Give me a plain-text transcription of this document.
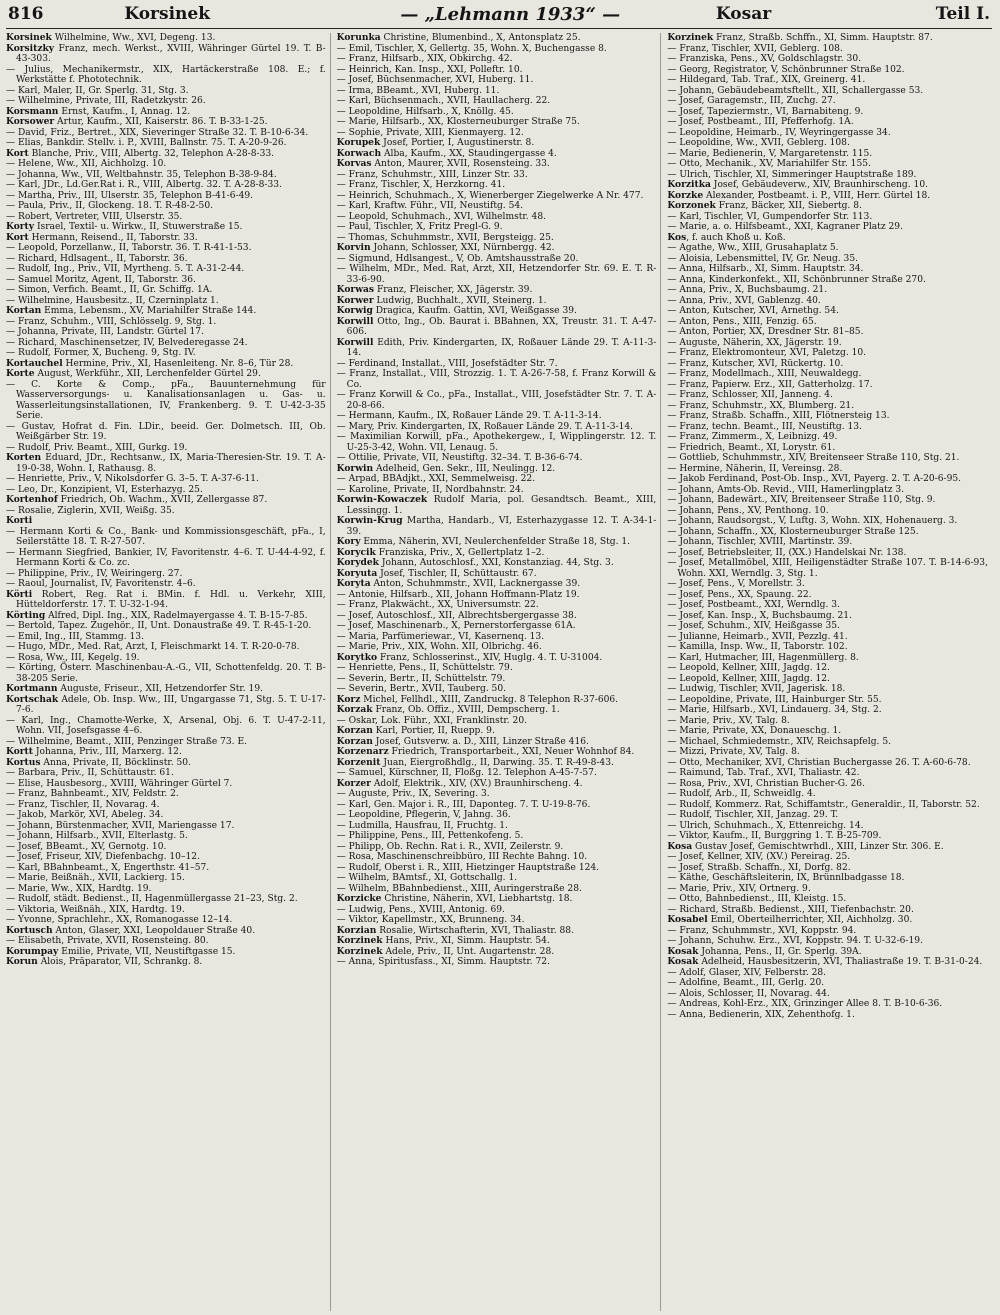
816	Korsinek	— „Lehmann 1933“ —	Kosar	Teil I.
Korsinek Wilhelmine, Ww., XVI, Degeng. 13.
Korsitzky Franz, mech. Werkst., XVIII, Währinger Gürtel 19. T. B-43-303.
— Julius, Mechanikermstr., XIX, Hartäckerstraße 108. E.; f. Werkstätte f. Phototechnik.
— Karl, Maler, II, Gr. Sperlg. 31, Stg. 3.
— Wilhelmine, Private, III, Radetzkystr. 26.
Korsmann Ernst, Kaufm., I, Annag. 12.
Korsower Artur, Kaufm., XII, Kaiserstr. 86. T. B-33-1-25.
— David, Friz., Bertret., XIX, Sieveringer Straße 32. T. B-10-6-34.
— Elias, Bankdir. Stellv. i. P., XVIII, Ballnstr. 75. T. A-20-9-26.
Kort Blanche, Priv., VIII, Albertg. 32, Telephon A-28-8-33.
— Helene, Ww., XII, Aichholzg. 10.
— Johanna, Ww., VII, Weltbahnstr. 35, Telephon B-38-9-84.
— Karl, JDr., Ld.Ger.Rat i. R., VIII, Albertg. 32. T. A-28-8-33.
— Martha, Priv., III, Ulserstr. 35, Telephon B-41-6-49.
— Paula, Priv., II, Glockeng. 18. T. R-48-2-50.
— Robert, Vertreter, VIII, Ulserstr. 35.
Korty Israel, Textil- u. Wirkw., II, Stuwerstraße 15.
Kort Hermann, Reisend., II, Taborstr. 33.
— Leopold, Porzellanw., II, Taborstr. 36. T. R-41-1-53.
— Richard, Hdlsagent., II, Taborstr. 36.
— Rudolf, Ing., Priv., VII, Myrtheng. 5. T. A-31-2-44.
— Samuel Moritz, Agent, II, Taborstr. 36.
— Simon, Verfich. Beamt., II, Gr. Schiffg. 1A.
— Wilhelmine, Hausbesitz., II, Czerninplatz 1.
Kortan Emma, Lebensm., XV, Mariahilfer Straße 144.
— Franz, Schuhm., VIII, Schlösselg. 9, Stg. 1.
— Johanna, Private, III, Landstr. Gürtel 17.
— Richard, Maschinensetzer, IV, Belvederegasse 24.
— Rudolf, Former, X, Bucheng. 9, Stg. IV.
Kortauchel Hermine, Priv., XI, Hasenleiteng. Nr. 8–6, Tür 28.
Korte August, Werkführ., XII, Lerchenfelder Gürtel 29.
— C. Korte & Comp., pFa., Bauunternehmung für Wasserversorgungs- u. Kanalisationsanlagen u. Gas- u. Wasserleitungsinstallationen, IV, Frankenberg. 9. T. U-42-3-35 Serie.
— Gustav, Hofrat d. Fin. LDir., beeid. Ger. Dolmetsch. III, Ob. Weißgärber Str. 19.
— Rudolf, Priv. Beamt., XIII, Gurkg. 19.
Korten Eduard, JDr., Rechtsanw., IX, Maria-Theresien-Str. 19. T. A-19-0-38, Wohn. I, Rathausg. 8.
— Henriette, Priv., V, Nikolsdorfer G. 3–5. T. A-37-6-11.
— Leo, Dr., Konzipient, VI, Esterhazyg. 25.
Kortenhof Friedrich, Ob. Wachm., XVII, Zellergasse 87.
— Rosalie, Ziglerin, XVII, Weißg. 35.
Korti
— Hermann Korti & Co., Bank- und Kommissionsgeschäft, pFa., I, Seilerstätte 18. T. R-27-507.
— Hermann Siegfried, Bankier, IV, Favoritenstr. 4–6. T. U-44-4-92, f. Hermann Korti & Co. zc.
— Philippine, Priv., IV, Weiringerg. 27.
— Raoul, Journalist, IV, Favoritenstr. 4–6.
Körti Robert, Reg. Rat i. BMin. f. Hdl. u. Verkehr, XIII, Hütteldorferstr. 17. T. U-32-1-94.
Körting Alfred, Dipl. Ing., XIX, Radelmayergasse 4. T. B-15-7-85.
— Bertold, Tapez. Zugehör., II, Unt. Donaustraße 49. T. R-45-1-20.
— Emil, Ing., III, Stammg. 13.
— Hugo, MDr., Med. Rat, Arzt, I, Fleischmarkt 14. T. R-20-0-78.
— Rosa, Ww., III, Kegelg. 19.
— Körting, Österr. Maschinenbau-A.-G., VII, Schottenfeldg. 20. T. B-38-205 Serie.
Kortmann Auguste, Friseur., XII, Hetzendorfer Str. 19.
Kortschak Adele, Ob. Insp. Ww., III, Ungargasse 71, Stg. 5. T. U-17-7-6.
— Karl, Ing., Chamotte-Werke, X, Arsenal, Obj. 6. T. U-47-2-11, Wohn. VII, Josefsgasse 4–6.
— Wilhelmine, Beamt., XIII, Penzinger Straße 73. E.
Kortt Johanna, Priv., III, Marxerg. 12.
Kortus Anna, Private, II, Böcklinstr. 50.
— Barbara, Priv., II, Schüttaustr. 61.
— Elise, Hausbesorg., XVIII, Währinger Gürtel 7.
— Franz, Bahnbeamt., XIV, Feldstr. 2.
— Franz, Tischler, II, Novarag. 4.
— Jakob, Markör, XVI, Abeleg. 34.
— Johann, Bürstenmacher, XVII, Mariengasse 17.
— Johann, Hilfsarb., XVII, Elterlastg. 5.
— Josef, BBeamt., XV, Gernotg. 10.
— Josef, Friseur, XIV, Diefenbachg. 10–12.
— Karl, BBahnbeamt., X, Engerthstr. 41–57.
— Marie, Beißnäh., XVII, Lackierg. 15.
— Marie, Ww., XIX, Hardtg. 19.
— Rudolf, städt. Bedienst., II, Hagenmüllergasse 21–23, Stg. 2.
— Viktoria, Weißnäh., XIX, Hardtg. 19.
— Yvonne, Sprachlehr., XX, Romanogasse 12–14.
Kortusch Anton, Glaser, XXI, Leopoldauer Straße 40.
— Elisabeth, Private, XVII, Rosensteing. 80.
Korumpay Emilie, Private, VII, Neustiftgasse 15.
Korun Alois, Präparator, VII, Schrankg. 8.
Korunka Christine, Blumenbind., X, Antonsplatz 25.
— Emil, Tischler, X, Gellertg. 35, Wohn. X, Buchengasse 8.
— Franz, Hilfsarb., XIX, Obkirchg. 42.
— Heinrich, Kan. Insp., XXI, Polleftr. 10.
— Josef, Büchsenmacher, XVI, Huberg. 11.
— Irma, BBeamt., XVI, Huberg. 11.
— Karl, Büchsenmach., XVII, Haullacherg. 22.
— Leopoldine, Hilfsarb., X, Knöllg. 45.
— Marie, Hilfsarb., XX, Klosterneuburger Straße 75.
— Sophie, Private, XIII, Kienmayerg. 12.
Korupek Josef, Portier, I, Augustinerstr. 8.
Korwach Alba, Kaufm., XX, Staudingergasse 4.
Korvas Anton, Maurer, XVII, Rosensteing. 33.
— Franz, Schuhmstr., XIII, Linzer Str. 33.
— Franz, Tischler, X, Herzkorng. 41.
— Heinrich, Schuhmach., X, Wienerberger Ziegelwerke A Nr. 477.
— Karl, Kraftw. Führ., VII, Neustiftg. 54.
— Leopold, Schuhmach., XVI, Wilhelmstr. 48.
— Paul, Tischler, X, Fritz Pregl-G. 9.
— Thomas, Schuhmmstr., XVII, Bergsteigg. 25.
Korvin Johann, Schlosser, XXI, Nürnbergg. 42.
— Sigmund, Hdlsangest., V, Ob. Amtshausstraße 20.
— Wilhelm, MDr., Med. Rat, Arzt, XII, Hetzendorfer Str. 69. E. T. R-33-6-90.
Korwas Franz, Fleischer, XX, Jägerstr. 39.
Korwer Ludwig, Buchhalt., XVII, Steinerg. 1.
Korwig Dragica, Kaufm. Gattin, XVI, Weißgasse 39.
Korwill Otto, Ing., Ob. Baurat i. BBahnen, XX, Treustr. 31. T. A-47-606.
Korwill Edith, Priv. Kindergarten, IX, Roßauer Lände 29. T. A-11-3-14.
— Ferdinand, Installat., VIII, Josefstädter Str. 7.
— Franz, Installat., VIII, Strozzig. 1. T. A-26-7-58, f. Franz Korwill & Co.
— Franz Korwill & Co., pFa., Installat., VIII, Josefstädter Str. 7. T. A-20-8-66.
— Hermann, Kaufm., IX, Roßauer Lände 29. T. A-11-3-14.
— Mary, Priv. Kindergarten, IX, Roßauer Lände 29. T. A-11-3-14.
— Maximilian Korwill, pFa., Apothekergew., I, Wipplingerstr. 12. T. U-25-3-42, Wohn. VII, Lenaug. 5.
— Ottilie, Private, VII, Neustiftg. 32–34. T. B-36-6-74.
Korwin Adelheid, Gen. Sekr., III, Neulingg. 12.
— Arpad, BBAdjkt., XXI, Semmelweisg. 22.
— Karoline, Private, II, Nordbahnstr. 24.
Korwin-Kowaczek Rudolf Maria, pol. Gesandtsch. Beamt., XIII, Lessingg. 1.
Korwin-Krug Martha, Handarb., VI, Esterhazygasse 12. T. A-34-1-39.
Kory Emma, Näherin, XVI, Neulerchenfelder Straße 18, Stg. 1.
Korycik Franziska, Priv., X, Gellertplatz 1–2.
Korydek Johann, Autoschlosf., XXI, Konstanziag. 44, Stg. 3.
Koryuta Josef, Tischler, II, Schüttaustr. 67.
Koryta Anton, Schuhmmstr., XVII, Lacknergasse 39.
— Antonie, Hilfsarb., XII, Johann Hoffmann-Platz 19.
— Franz, Plakwächt., XX, Universumstr. 22.
— Josef, Autoschlosf., XII, Albrechtsbergergasse 38.
— Josef, Maschinenarb., X, Pernerstorfergasse 61A.
— Maria, Parfümeriewar., VI, Kasernenq. 13.
— Marie, Priv., XIX, Wohn. XII, Olbrichg. 46.
Korytko Franz, Schlosserinst., XIV, Huglg. 4. T. U-31004.
— Henriette, Pens., II, Schüttelstr. 79.
— Severin, Bertr., II, Schüttelstr. 79.
— Severin, Bertr., XVII, Tauberg. 50.
Korz Michel, Fellhdl., XIII, Zandruckg. 8 Telephon R-37-606.
Korzak Franz, Ob. Offiz., XVIII, Dempscherg. 1.
— Oskar, Lok. Führ., XXI, Franklinstr. 20.
Korzan Karl, Portier, II, Ruepp. 9.
Korzan Josef, Gutsverw. a. D., XIII, Linzer Straße 416.
Korzenarz Friedrich, Transportarbeit., XXI, Neuer Wohnhof 84.
Korzenit Juan, Eiergroßhdlg., II, Darwing. 35. T. R-49-8-43.
— Samuel, Kürschner, II, Floßg. 12. Telephon A-45-7-57.
Korzer Adolf, Elektrik., XIV, (XV.) Braunhirscheng. 4.
— Auguste, Priv., IX, Severing. 3.
— Karl, Gen. Major i. R., III, Daponteg. 7. T. U-19-8-76.
— Leopoldine, Pflegerin, V, Jahng. 36.
— Ludmilla, Hausfrau, II, Fruchtg. 1.
— Philippine, Pens., III, Pettenkofeng. 5.
— Philipp, Ob. Rechn. Rat i. R., XVII, Zeilerstr. 9.
— Rosa, Maschinenschreibbüro, III Rechte Bahng. 10.
— Rudolf, Oberst i. R., XIII, Hietzinger Hauptstraße 124.
— Wilhelm, BAmtsf., XI, Gottschallg. 1.
— Wilhelm, BBahnbedienst., XIII, Auringerstraße 28.
Korzicke Christine, Näherin, XVI, Liebhartstg. 18.
— Ludwig, Pens., XVIII, Antonig. 69.
— Viktor, Kapellmstr., XX, Brunneng. 34.
Korzian Rosalie, Wirtschafterin, XVI, Thaliastr. 88.
Korzinek Hans, Priv., XI, Simm. Hauptstr. 54.
Korzinek Adele, Priv., II, Unt. Augartenstr. 28.
— Anna, Spiritusfass., XI, Simm. Hauptstr. 72.
Korzinek Franz, Straßb. Schffn., XI, Simm. Hauptstr. 87.
— Franz, Tischler, XVII, Geblerg. 108.
— Franziska, Pens., XV, Goldschlagstr. 30.
— Georg, Registrator, V, Schönbrunner Straße 102.
— Hildegard, Tab. Traf., XIX, Greinerg. 41.
— Johann, Gebäudebeamtsftellt., XII, Schallergasse 53.
— Josef, Garagemstr., III, Zuchg. 27.
— Josef, Tapeziermstr., VI, Barnabiteng. 9.
— Josef, Postbeamt., III, Pfefferhofg. 1A.
— Leopoldine, Heimarb., IV, Weyringergasse 34.
— Leopoldine, Ww., XVII, Geblerg. 108.
— Marie, Bedienerin, V, Margaretenstr. 115.
— Otto, Mechanik., XV, Mariahilfer Str. 155.
— Ulrich, Tischler, XI, Simmeringer Hauptstraße 189.
Korzitka Josef, Gebäudeverw., XIV, Braunhirscheng. 10.
Korzke Alexander, Postbeamt. i. P., VIII, Herr. Gürtel 18.
Korzonek Franz, Bäcker, XII, Siebertg. 8.
— Karl, Tischler, VI, Gumpendorfer Str. 113.
— Marie, a. o. Hilfsbeamt., XXI, Kagraner Platz 29.
Kos, f. auch Khoß u. Koß.
— Agathe, Ww., XIII, Grusahaplatz 5.
— Aloisia, Lebensmittel, IV, Gr. Neug. 35.
— Anna, Hilfsarb., XI, Simm. Hauptstr. 34.
— Anna, Kinderkonfekt., XII, Schönbrunner Straße 270.
— Anna, Priv., X, Buchsbaumg. 21.
— Anna, Priv., XVI, Gablenzg. 40.
— Anton, Kutscher, XVI, Arnethg. 54.
— Anton, Pens., XIII, Fenzig. 65.
— Anton, Portier, XX, Dresdner Str. 81–85.
— Auguste, Näherin, XX, Jägerstr. 19.
— Franz, Elektromonteur, XVI, Paletzg. 10.
— Franz, Kutscher, XVI, Rückertg. 10.
— Franz, Modellmach., XIII, Neuwaldegg.
— Franz, Papierw. Erz., XII, Gatterholzg. 17.
— Franz, Schlosser, XII, Janneng. 4.
— Franz, Schuhmstr., XX, Blumberg. 21.
— Franz, Straßb. Schaffn., XIII, Flötnersteig 13.
— Franz, techn. Beamt., III, Neustiftg. 13.
— Franz, Zimmerm., X, Leibnizg. 49.
— Friedrich, Beamt., XI, Lorystr. 61.
— Gottlieb, Schuhmmstr., XIV, Breitenseer Straße 110, Stg. 21.
— Hermine, Näherin, II, Vereinsg. 28.
— Jakob Ferdinand, Post-Ob. Insp., XVI, Payerg. 2. T. A-20-6-95.
— Johann, Amts-Ob. Revid., VIII, Hamerlingplatz 3.
— Johann, Badewärt., XIV, Breitenseer Straße 110, Stg. 9.
— Johann, Pens., XV, Penthong. 10.
— Johann, Raudsorgst., V, Luftg. 3, Wohn. XIX, Hohenauerg. 3.
— Johann, Schaffn., XX, Klosterneuburger Straße 125.
— Johann, Tischler, XVIII, Martinstr. 39.
— Josef, Betriebsleiter, II, (XX.) Handelskai Nr. 138.
— Josef, Metallmöbel, XIII, Heiligenstädter Straße 107. T. B-14-6-93, Wohn. XXI, Werndlg. 3, Stg. 1.
— Josef, Pens., V, Morellstr. 3.
— Josef, Pens., XX, Spaung. 22.
— Josef, Postbeamt., XXI, Werndlg. 3.
— Josef, Kan. Insp., X, Buchsbaumg. 21.
— Josef, Schuhm., XIV, Heißgasse 35.
— Julianne, Heimarb., XVII, Pezzlg. 41.
— Kamilla, Insp. Ww., II, Taborstr. 102.
— Karl, Hutmacher, III, Hagenmüllerg. 8.
— Leopold, Kellner, XIII, Jagdg. 12.
— Leopold, Kellner, XIII, Jagdg. 12.
— Ludwig, Tischler, XVII, Jagerisk. 18.
— Leopoldine, Private, III, Hainburger Str. 55.
— Marie, Hilfsarb., XVI, Lindauerg. 34, Stg. 2.
— Marie, Priv., XV, Talg. 8.
— Marie, Private, XX, Donaueschg. 1.
— Michael, Schmiedemstr., XIV, Reichsapfelg. 5.
— Mizzi, Private, XV, Talg. 8.
— Otto, Mechaniker, XVI, Christian Buchergasse 26. T. A-60-6-78.
— Raimund, Tab. Traf., XVI, Thaliastr. 42.
— Rosa, Priv., XVI, Christian Bucher-G. 26.
— Rudolf, Arb., II, Schweidlg. 4.
— Rudolf, Kommerz. Rat, Schiffamtstr., Generaldir., II, Taborstr. 52.
— Rudolf, Tischler, XII, Janzag. 29. T.
— Ulrich, Schuhmach., X, Ettenreichg. 14.
— Viktor, Kaufm., II, Burggring 1. T. B-25-709.
Kosa Gustav Josef, Gemischtwrhdl., XIII, Linzer Str. 306. E.
— Josef, Kellner, XIV, (XV.) Pereirag. 25.
— Josef, Straßb. Schaffn., XI, Dorfg. 82.
— Käthe, Geschäftsleiterin, IX, Brünnlbadgasse 18.
— Marie, Priv., XIV, Ortnerg. 9.
— Otto, Bahnbedienst., III, Kleistg. 15.
— Richard, Straßb. Bedienst., XIII, Tiefenbachstr. 20.
Kosabel Emil, Oberteilherrichter, XII, Aichholzg. 30.
— Franz, Schuhmmstr., XVI, Koppstr. 94.
— Johann, Schuhw. Erz., XVI, Koppstr. 94. T. U-32-6-19.
Kosak Johanna, Pens., II, Gr. Sperlg. 39A.
Kosak Adelheid, Hausbesitzerin, XVI, Thaliastraße 19. T. B-31-0-24.
— Adolf, Glaser, XIV, Felberstr. 28.
— Adolfine, Beamt., III, Gerlg. 20.
— Alois, Schlosser, II, Novarag. 44.
— Andreas, Kohl-Erz., XIX, Grinzinger Allee 8. T. B-10-6-36.
— Anna, Bedienerin, XIX, Zehenthofg. 1.
